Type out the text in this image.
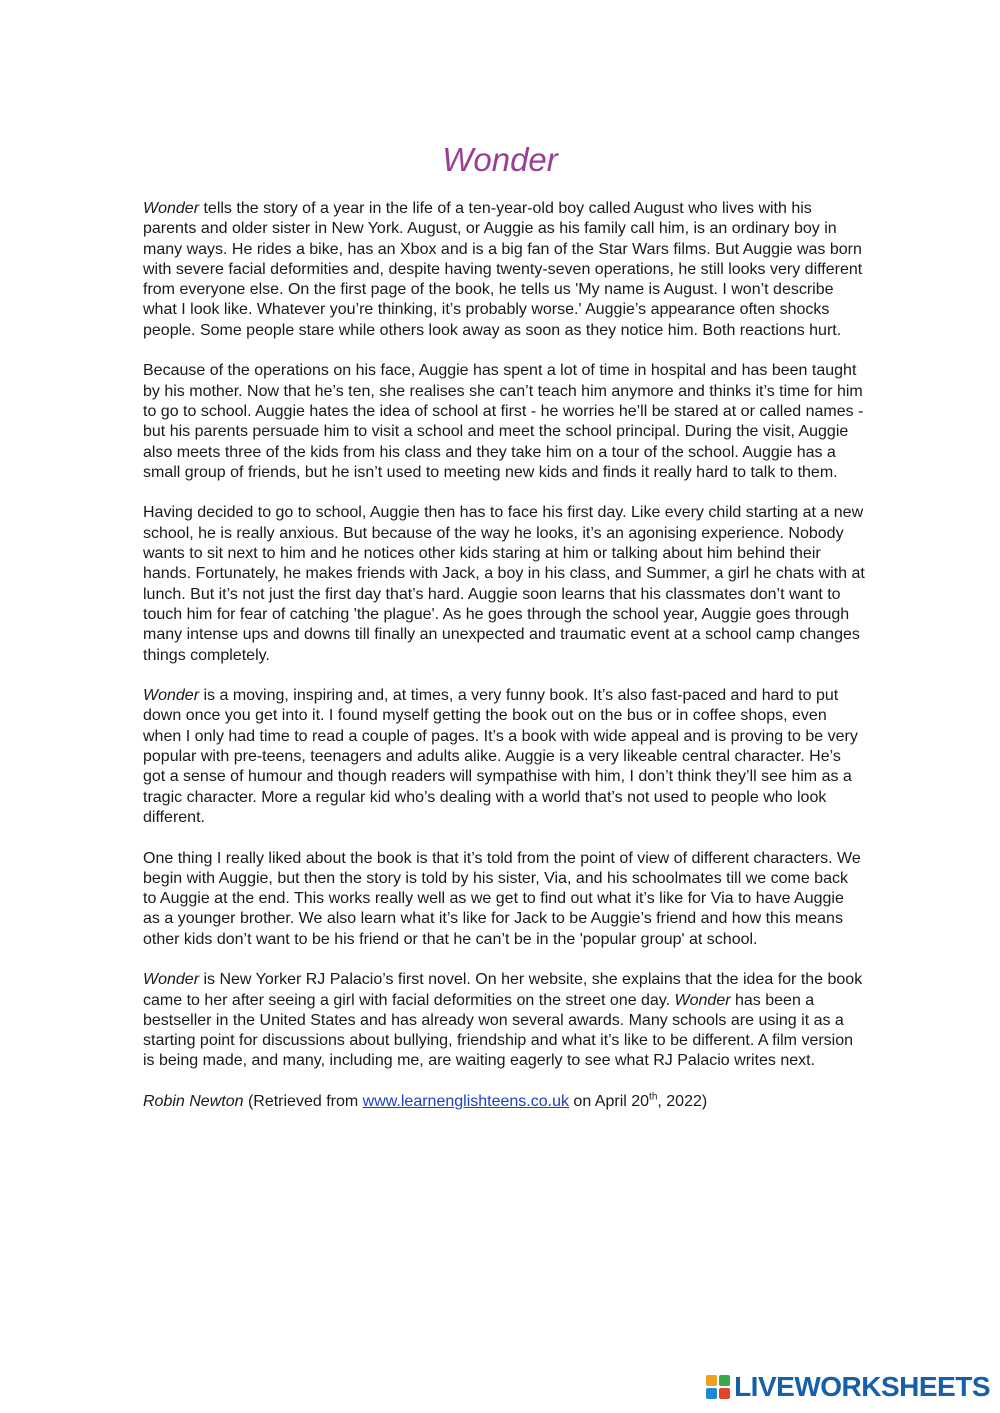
Wonder

Wonder tells the story of a year in the life of a ten-year-old boy called August who lives with his parents and older sister in New York. August, or Auggie as his family call him, is an ordinary boy in many ways. He rides a bike, has an Xbox and is a big fan of the Star Wars films. But Auggie was born with severe facial deformities and, despite having twenty-seven operations, he still looks very different from everyone else. On the first page of the book, he tells us 'My name is August. I won’t describe what I look like. Whatever you’re thinking, it’s probably worse.' Auggie’s appearance often shocks people. Some people stare while others look away as soon as they notice him. Both reactions hurt.

Because of the operations on his face, Auggie has spent a lot of time in hospital and has been taught by his mother. Now that he’s ten, she realises she can’t teach him anymore and thinks it’s time for him to go to school. Auggie hates the idea of school at first - he worries he’ll be stared at or called names - but his parents persuade him to visit a school and meet the school principal. During the visit, Auggie also meets three of the kids from his class and they take him on a tour of the school. Auggie has a small group of friends, but he isn’t used to meeting new kids and finds it really hard to talk to them.

Having decided to go to school, Auggie then has to face his first day. Like every child starting at a new school, he is really anxious. But because of the way he looks, it’s an agonising experience. Nobody wants to sit next to him and he notices other kids staring at him or talking about him behind their hands. Fortunately, he makes friends with Jack, a boy in his class, and Summer, a girl he chats with at lunch. But it’s not just the first day that’s hard. Auggie soon learns that his classmates don’t want to touch him for fear of catching 'the plague'. As he goes through the school year, Auggie goes through many intense ups and downs till finally an unexpected and traumatic event at a school camp changes things completely.

Wonder is a moving, inspiring and, at times, a very funny book. It’s also fast-paced and hard to put down once you get into it. I found myself getting the book out on the bus or in coffee shops, even when I only had time to read a couple of pages. It’s a book with wide appeal and is proving to be very popular with pre-teens, teenagers and adults alike. Auggie is a very likeable central character. He’s got a sense of humour and though readers will sympathise with him, I don’t think they’ll see him as a tragic character. More a regular kid who’s dealing with a world that’s not used to people who look different.

One thing I really liked about the book is that it’s told from the point of view of different characters. We begin with Auggie, but then the story is told by his sister, Via, and his schoolmates till we come back to Auggie at the end. This works really well as we get to find out what it’s like for Via to have Auggie as a younger brother. We also learn what it’s like for Jack to be Auggie’s friend and how this means other kids don’t want to be his friend or that he can’t be in the 'popular group' at school.

Wonder is New Yorker RJ Palacio’s first novel. On her website, she explains that the idea for the book came to her after seeing a girl with facial deformities on the street one day. Wonder has been a bestseller in the United States and has already won several awards. Many schools are using it as a starting point for discussions about bullying, friendship and what it’s like to be different. A film version is being made, and many, including me, are waiting eagerly to see what RJ Palacio writes next.

Robin Newton (Retrieved from www.learnenglishteens.co.uk on April 20th, 2022)

LIVEWORKSHEETS
